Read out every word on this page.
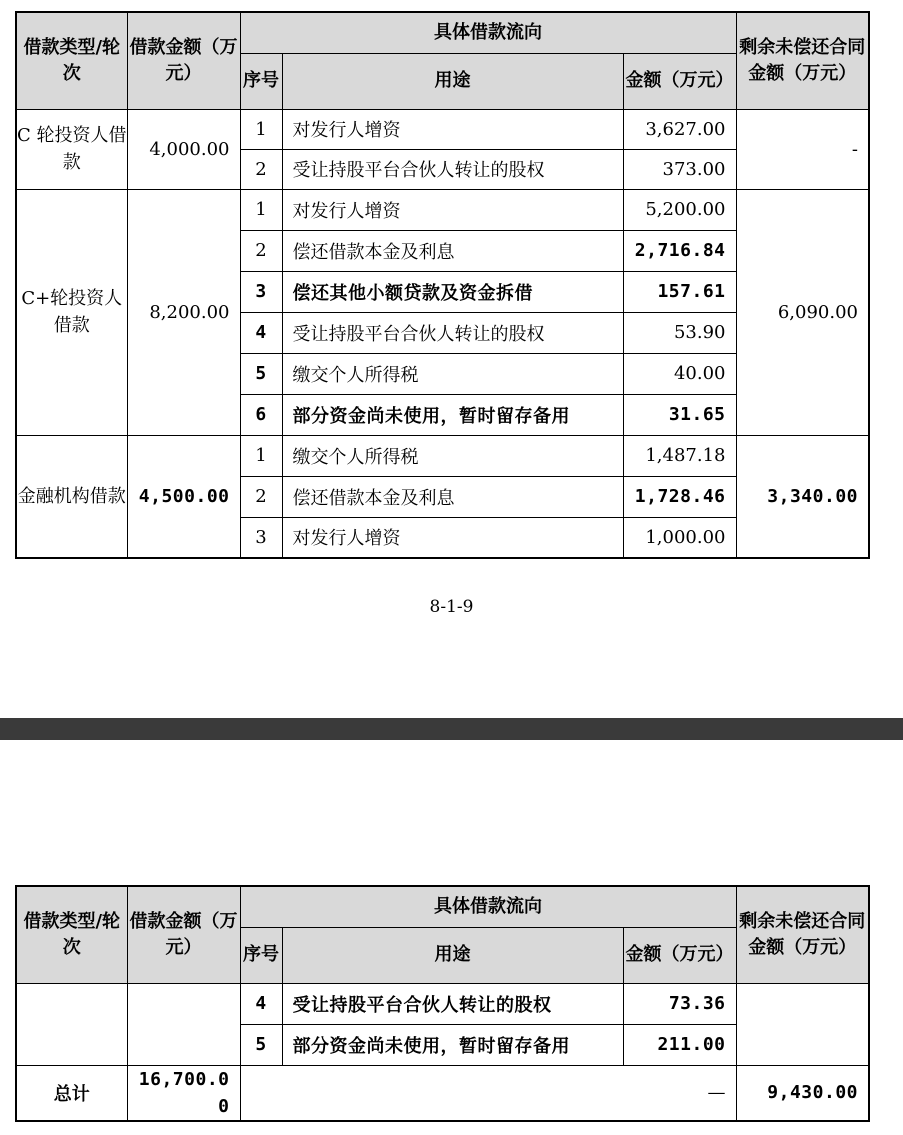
借款类型/轮次	借款金额（万元）	具体借款流向			剩余未偿还合同金额（万元）
		序号	用途	金额（万元）	
C 轮投资人借款	4,000.00	1	对发行人增资	3,627.00	-
		2	受让持股平台合伙人转让的股权	373.00	
C+轮投资人借款	8,200.00	1	对发行人增资	5,200.00	6,090.00
		2	偿还借款本金及利息	2,716.84	
		3	偿还其他小额贷款及资金拆借	157.61	
		4	受让持股平台合伙人转让的股权	53.90	
		5	缴交个人所得税	40.00	
		6	部分资金尚未使用，暂时留存备用	31.65	
金融机构借款	4,500.00	1	缴交个人所得税	1,487.18	3,340.00
		2	偿还借款本金及利息	1,728.46	
		3	对发行人增资	1,000.00	
8-1-9
借款类型/轮次	借款金额（万元）	具体借款流向			剩余未偿还合同金额（万元）
		序号	用途	金额（万元）	
		4	受让持股平台合伙人转让的股权	73.36	
		5	部分资金尚未使用，暂时留存备用	211.00	
总计	16,700.00	—			9,430.00
